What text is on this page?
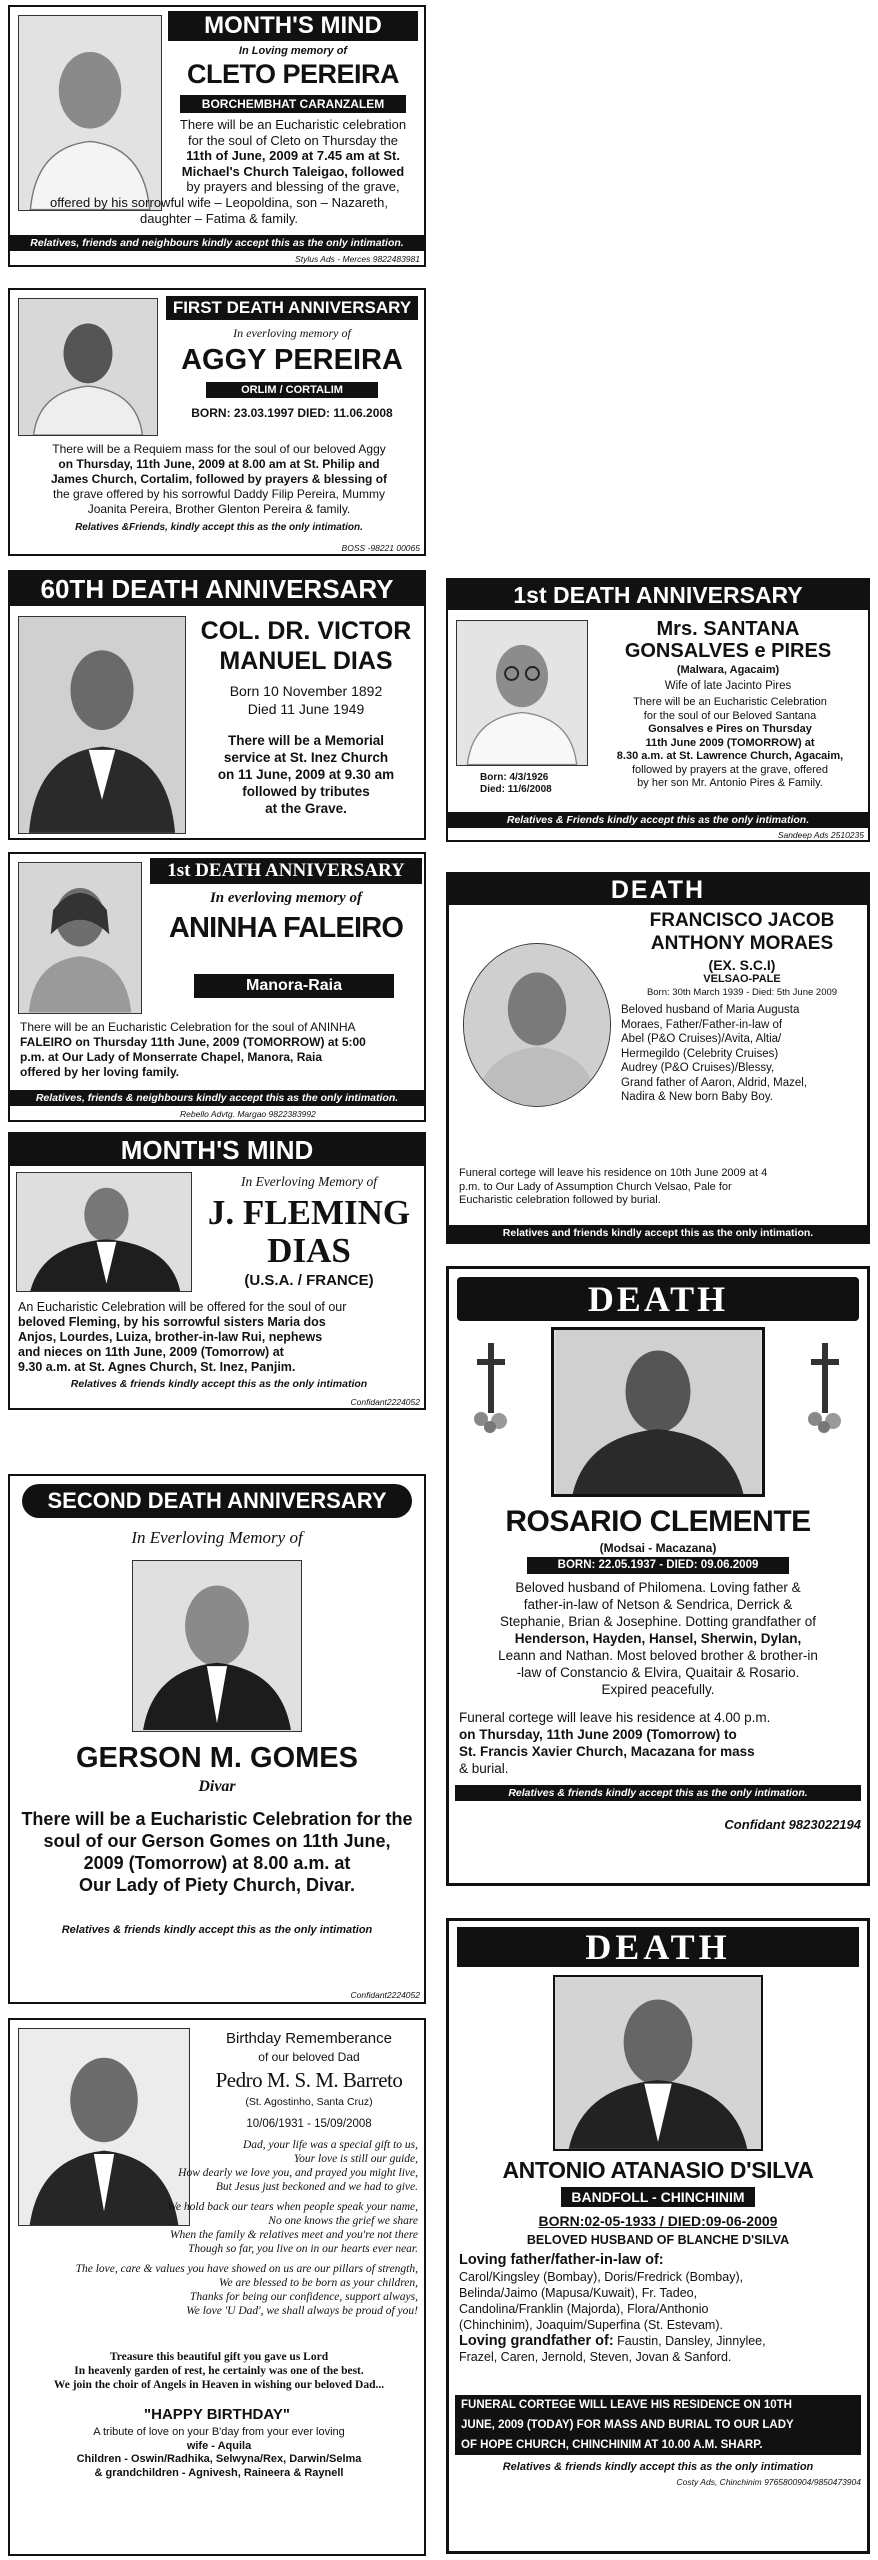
MONTH'S MIND
In Loving memory of
CLETO PEREIRA
BORCHEMBHAT CARANZALEM
There will be an Eucharistic celebration
for the soul of Cleto on Thursday the
11th of June, 2009 at 7.45 am at St.
Michael's Church Taleigao, followed
by prayers and blessing of the grave,
offered by his sorrowful wife – Leopoldina, son – Nazareth,
daughter – Fatima & family.
Relatives, friends and neighbours kindly accept this as the only intimation.
Stylus Ads - Merces 9822483981
FIRST DEATH ANNIVERSARY
In everloving memory of
AGGY PEREIRA
ORLIM / CORTALIM
BORN: 23.03.1997 DIED: 11.06.2008
There will be a Requiem mass for the soul of our beloved Aggy
on Thursday, 11th June, 2009 at 8.00 am at St. Philip and
James Church, Cortalim, followed by prayers & blessing of
the grave offered by his sorrowful Daddy Filip Pereira, Mummy
Joanita Pereira, Brother Glenton Pereira & family.
Relatives &Friends, kindly accept this as the only intimation.
BOSS -98221 00065
60TH DEATH ANNIVERSARY
COL. DR. VICTOR
MANUEL DIAS
Born 10 November 1892
Died 11 June 1949
There will be a Memorial
service at St. Inez Church
on 11 June, 2009 at 9.30 am
followed by tributes
at the Grave.
1st DEATH ANNIVERSARY
Born: 4/3/1926
Died: 11/6/2008
Mrs. SANTANA
GONSALVES e PIRES
(Malwara, Agacaim)
Wife of late Jacinto Pires
There will be an Eucharistic Celebration
for the soul of our Beloved Santana
Gonsalves e Pires on Thursday
11th June 2009 (TOMORROW) at
8.30 a.m. at St. Lawrence Church, Agacaim,
followed by prayers at the grave, offered
by her son Mr. Antonio Pires & Family.
Relatives & Friends kindly accept this as the only intimation.
Sandeep Ads 2510235
1st DEATH ANNIVERSARY
In everloving memory of
ANINHA FALEIRO
Manora-Raia
There will be an Eucharistic Celebration for the soul of ANINHA
FALEIRO on Thursday 11th June, 2009 (TOMORROW) at 5:00
p.m. at Our Lady of Monserrate Chapel, Manora, Raia
offered by her loving family.
Relatives, friends & neighbours kindly accept this as the only intimation.
Rebello Advtg. Margao 9822383992
DEATH
FRANCISCO JACOB
ANTHONY MORAES
(EX. S.C.I)
VELSAO-PALE
Born: 30th March 1939 - Died: 5th June 2009
Beloved husband of Maria Augusta
Moraes, Father/Father-in-law of
Abel (P&O Cruises)/Avita, Altia/
Hermegildo (Celebrity Cruises)
Audrey (P&O Cruises)/Blessy,
Grand father of Aaron, Aldrid, Mazel,
Nadira & New born Baby Boy.
Funeral cortege will leave his residence on 10th June 2009 at 4
p.m. to Our Lady of Assumption Church Velsao, Pale for
Eucharistic celebration followed by burial.
Relatives and friends kindly accept this as the only intimation.
MONTH'S MIND
In Everloving Memory of
J. FLEMING
DIAS
(U.S.A. / FRANCE)
An Eucharistic Celebration will be offered for the soul of our
beloved Fleming, by his sorrowful sisters Maria dos
Anjos, Lourdes, Luiza, brother-in-law Rui, nephews
and nieces on 11th June, 2009 (Tomorrow) at
9.30 a.m. at St. Agnes Church, St. Inez, Panjim.
Relatives & friends kindly accept this as the only intimation
Confidant2224052
DEATH
ROSARIO CLEMENTE
(Modsai - Macazana)
BORN: 22.05.1937 - DIED: 09.06.2009
Beloved husband of Philomena. Loving father &
father-in-law of Netson & Sendrica, Derrick &
Stephanie, Brian & Josephine. Dotting grandfather of
Henderson, Hayden, Hansel, Sherwin, Dylan,
Leann and Nathan. Most beloved brother & brother-in
-law of Constancio & Elvira, Quaitair & Rosario.
Expired peacefully.
Funeral cortege will leave his residence at 4.00 p.m.
on Thursday, 11th June 2009 (Tomorrow) to
St. Francis Xavier Church, Macazana for mass
& burial.
Relatives & friends kindly accept this as the only intimation.
Confidant 9823022194
SECOND DEATH ANNIVERSARY
In Everloving Memory of
GERSON M. GOMES
Divar
There will be a Eucharistic Celebration for the
soul of our Gerson Gomes on 11th June,
2009 (Tomorrow) at 8.00 a.m. at
Our Lady of Piety Church, Divar.
Relatives & friends kindly accept this as the only intimation
Confidant2224052
DEATH
ANTONIO ATANASIO D'SILVA
BANDFOLL - CHINCHINIM
BORN:02-05-1933 / DIED:09-06-2009
BELOVED HUSBAND OF BLANCHE D'SILVA
Loving father/father-in-law of:
Carol/Kingsley (Bombay), Doris/Fredrick (Bombay),
Belinda/Jaimo (Mapusa/Kuwait), Fr. Tadeo,
Candolina/Franklin (Majorda), Flora/Anthonio
(Chinchinim), Joaquim/Superfina (St. Estevam).
Loving grandfather of: Faustin, Dansley, Jinnylee,
Frazel, Caren, Jernold, Steven, Jovan & Sanford.
FUNERAL CORTEGE WILL LEAVE HIS RESIDENCE ON 10TH
JUNE, 2009 (TODAY) FOR MASS AND BURIAL TO OUR LADY
OF HOPE CHURCH, CHINCHINIM AT 10.00 A.M. SHARP.
Relatives & friends kindly accept this as the only intimation
Costy Ads, Chinchinim 9765800904/9850473904
Birthday Rememberance
of our beloved Dad
Pedro M. S. M. Barreto
(St. Agostinho, Santa Cruz)
10/06/1931 - 15/09/2008
Dad, your life was a special gift to us,
Your love is still our guide,
How dearly we love you, and prayed you might live,
But Jesus just beckoned and we had to give.
We hold back our tears when people speak your name,
No one knows the grief we share
When the family & relatives meet and you're not there
Though so far, you live on in our hearts ever near.
The love, care & values you have showed on us are our pillars of strength,
We are blessed to be born as your children,
Thanks for being our confidence, support always,
We love 'U Dad', we shall always be proud of you!
Treasure this beautiful gift you gave us Lord
In heavenly garden of rest, he certainly was one of the best.
We join the choir of Angels in Heaven in wishing our beloved Dad...
"HAPPY BIRTHDAY"
A tribute of love on your B'day from your ever loving
wife - Aquila
Children - Oswin/Radhika, Selwyna/Rex, Darwin/Selma
& grandchildren - Agnivesh, Raineera & Raynell
